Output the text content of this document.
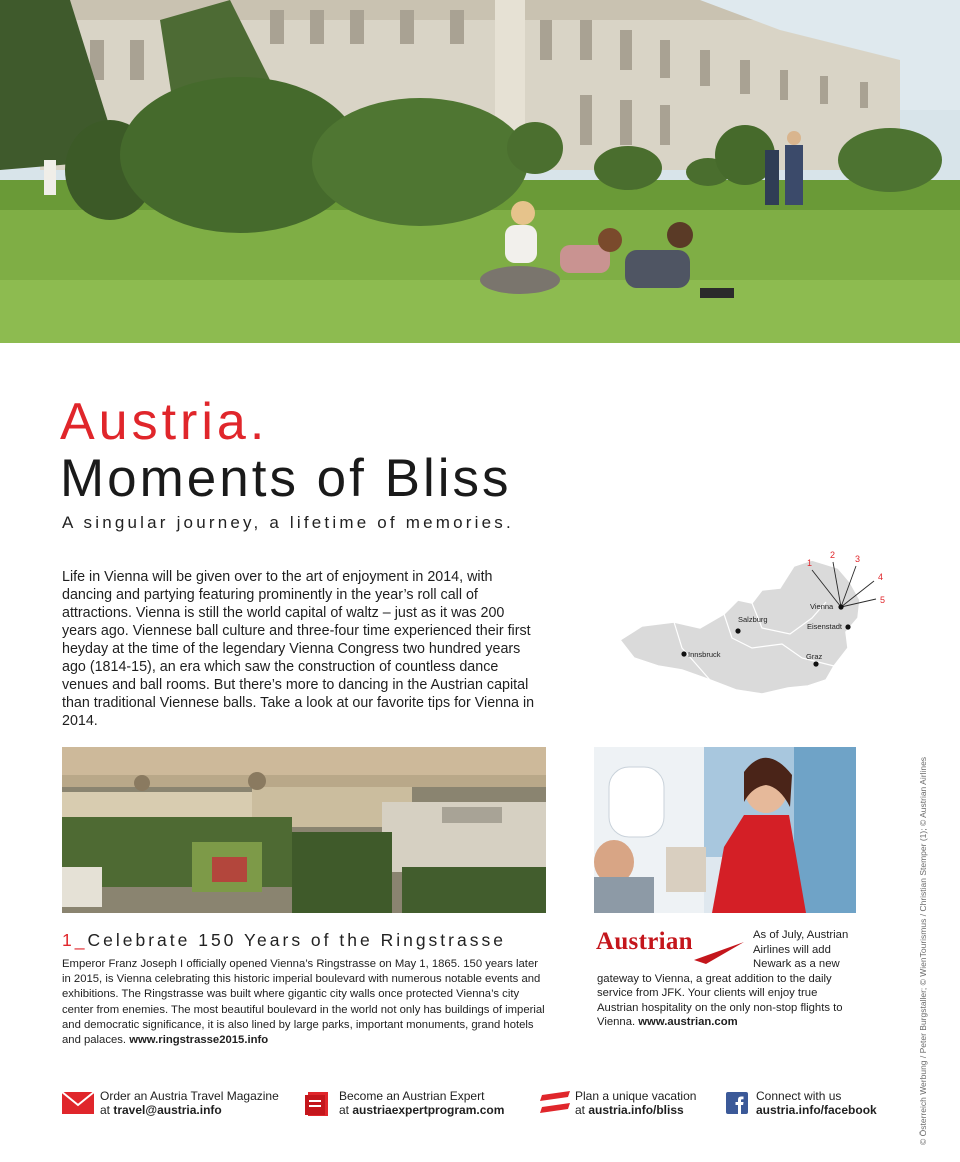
Austria.
Moments of Bliss
A singular journey, a lifetime of memories.

Life in Vienna will be given over to the art of enjoyment in 2014, with dancing and partying featuring prominently in the year’s roll call of attractions. Vienna is still the world capital of waltz – just as it was 200 years ago. Viennese ball culture and three-four time experienced their first heyday at the time of the legendary Vienna Congress two hundred years ago (1814-15), an era which saw the construction of countless dance venues and ball rooms. But there’s more to dancing in the Austrian capital than traditional Viennese balls. Take a look at our favorite tips for Vienna in 2014.

1
2 3
4
5
Vienna
Salzburg
Eisenstadt
Innsbruck	Graz
1_Celebrate 150 Years of the Ringstrasse

Emperor Franz Joseph I officially opened Vienna’s Ringstrasse on May 1, 1865. 150 years later in 2015, is Vienna celebrating this historic imperial boulevard with numerous notable events and exhibitions. The Ringstrasse was built where gigantic city walls once protected Vienna’s city center from enemies. The most beautiful boulevard in the world not only has buildings of imperial and democratic significance, it is also lined by large parks, important monuments, grand hotels and palaces. www.ringstrasse2015.info

Austrian	As of July, Austrian
Airlines will add
Newark as a new
gateway to Vienna, a great addition to the daily service from JFK. Your clients will enjoy true Austrian hospitality on the only non-stop flights to Vienna. www.austrian.com

Order an Austria Travel Magazine
at travel@austria.info
Become an Austrian Expert
at austriaexpertprogram.com
Plan a unique vacation
at austria.info/bliss
Connect with us
austria.info/facebook	© Österreich Werbung / Peter Burgstaller; © WienTourismus / Christian Stemper (1); © Austrian Airlines
